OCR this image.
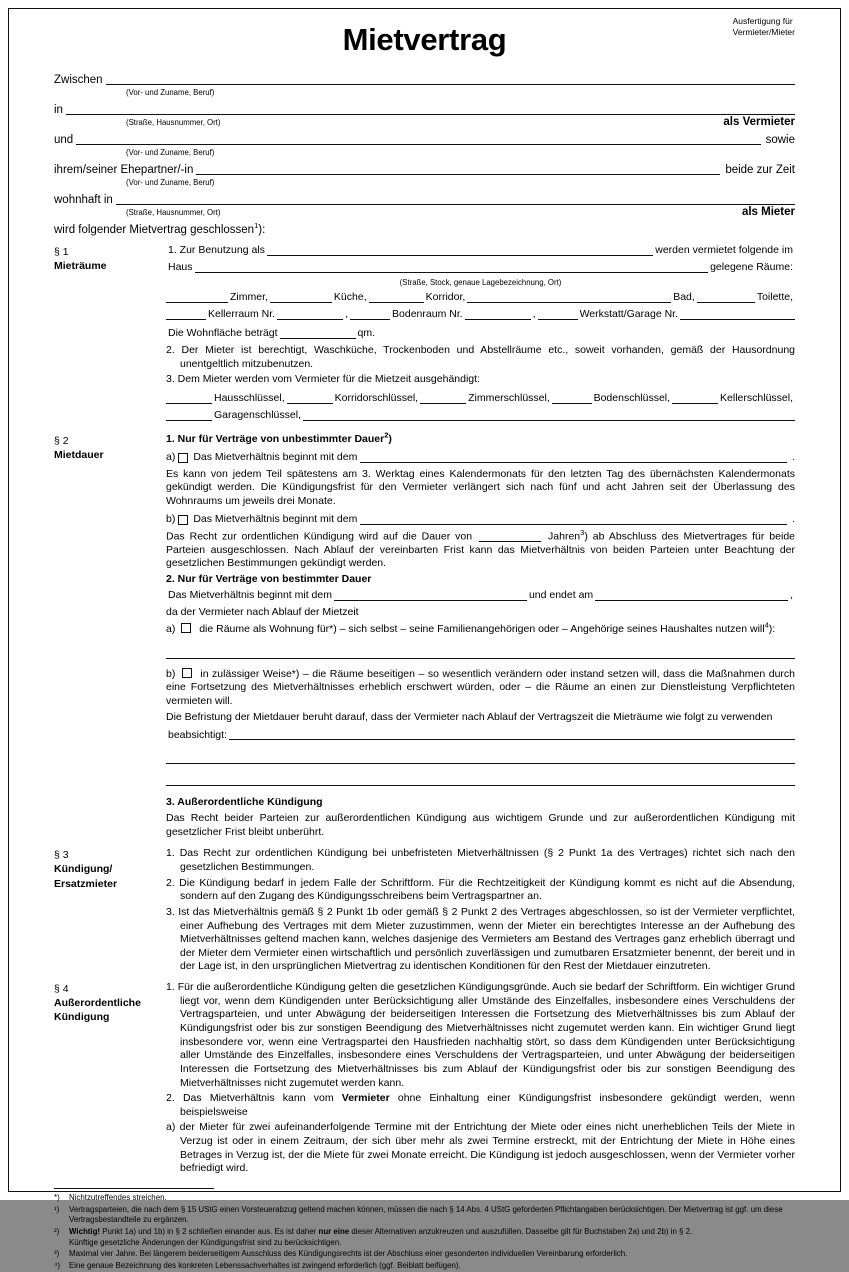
Mietvertrag
Ausfertigung für
Vermieter/Mieter
Zwischen
(Vor- und Zuname, Beruf)
in
(Straße, Hausnummer, Ort)	als Vermieter
und	sowie
(Vor- und Zuname, Beruf)
ihrem/seiner Ehepartner/-in	beide zur Zeit
(Vor- und Zuname, Beruf)
wohnhaft in
(Straße, Hausnummer, Ort)	als Mieter
wird folgender Mietvertrag geschlossen$^1$):
§ 1
Mieträume
1. Zur Benutzung als	werden vermietet folgende im
Haus	gelegene Räume:
(Straße, Stock, genaue Lagebezeichnung, Ort)
Zimmer,	Küche,	Korridor,	Bad,	Toilette,
Kellerraum Nr.	,	Bodenraum Nr.	,	Werkstatt/Garage Nr.
Die Wohnfläche beträgt	qm.

2. Der Mieter ist berechtigt, Waschküche, Trockenboden und Abstellräume etc., soweit vorhanden, gemäß der Hausordnung unentgeltlich mitzubenutzen.

3. Dem Mieter werden vom Vermieter für die Mietzeit ausgehändigt:

Hausschlüssel,	Korridorschlüssel,	Zimmerschlüssel,	Bodenschlüssel,	Kellerschlüssel,
Garagenschlüssel,
§ 2
Mietdauer

1. Nur für Verträge von unbestimmter Dauer$^2$)

a) Das Mietverhältnis beginnt mit dem	.

Es kann von jedem Teil spätestens am 3. Werktag eines Kalendermonats für den letzten Tag des übernächsten Kalendermonats gekündigt werden. Die Kündigungsfrist für den Vermieter verlängert sich nach fünf und acht Jahren seit der Überlassung des Wohnraums um jeweils drei Monate.

b) Das Mietverhältnis beginnt mit dem	.

Das Recht zur ordentlichen Kündigung wird auf die Dauer von	Jahren$^3$) ab Abschluss des Mietvertrages für beide Parteien ausgeschlossen. Nach Ablauf der vereinbarten Frist kann das Mietverhältnis von beiden Parteien unter Beachtung der gesetzlichen Bestimmungen gekündigt werden.

2. Nur für Verträge von bestimmter Dauer

Das Mietverhältnis beginnt mit dem	und endet am	,

da der Vermieter nach Ablauf der Mietzeit

a) die Räume als Wohnung für*) – sich selbst – seine Familienangehörigen oder – Angehörige seines Haushaltes nutzen will$^4$):

b) in zulässiger Weise*) – die Räume beseitigen – so wesentlich verändern oder instand setzen will, dass die Maßnahmen durch eine Fortsetzung des Mietverhältnisses erheblich erschwert würden, oder – die Räume an einen zur Dienstleistung Verpflichteten vermieten will.

Die Befristung der Mietdauer beruht darauf, dass der Vermieter nach Ablauf der Vertragszeit die Mieträume wie folgt zu verwenden

beabsichtigt:

3. Außerordentliche Kündigung

Das Recht beider Parteien zur außerordentlichen Kündigung aus wichtigem Grunde und zur außerordentlichen Kündigung mit gesetzlicher Frist bleibt unberührt.

§ 3
Kündigung/
Ersatzmieter

1. Das Recht zur ordentlichen Kündigung bei unbefristeten Mietverhältnissen (§ 2 Punkt 1a des Vertrages) richtet sich nach den gesetzlichen Bestimmungen.

2. Die Kündigung bedarf in jedem Falle der Schriftform. Für die Rechtzeitigkeit der Kündigung kommt es nicht auf die Absendung, sondern auf den Zugang des Kündigungsschreibens beim Vertragspartner an.

3. Ist das Mietverhältnis gemäß § 2 Punkt 1b oder gemäß § 2 Punkt 2 des Vertrages abgeschlossen, so ist der Vermieter verpflichtet, einer Aufhebung des Vertrages mit dem Mieter zuzustimmen, wenn der Mieter ein berechtigtes Interesse an der Aufhebung des Mietverhältnisses geltend machen kann, welches dasjenige des Vermieters am Bestand des Vertrages ganz erheblich überragt und der Mieter dem Vermieter einen wirtschaftlich und persönlich zuverlässigen und zumutbaren Ersatzmieter benennt, der bereit und in der Lage ist, in den ursprünglichen Mietvertrag zu identischen Konditionen für den Rest der Mietdauer einzutreten.

§ 4
Außerordentliche
Kündigung

1. Für die außerordentliche Kündigung gelten die gesetzlichen Kündigungsgründe. Auch sie bedarf der Schriftform. Ein wichtiger Grund liegt vor, wenn dem Kündigenden unter Berücksichtigung aller Umstände des Einzelfalles, insbesondere eines Verschuldens der Vertragsparteien, und unter Abwägung der beiderseitigen Interessen die Fortsetzung des Mietverhältnisses bis zum Ablauf der Kündigungsfrist oder bis zur sonstigen Beendigung des Mietverhältnisses nicht zugemutet werden kann. Ein wichtiger Grund liegt insbesondere vor, wenn eine Vertragspartei den Hausfrieden nachhaltig stört, so dass dem Kündigenden unter Berücksichtigung aller Umstände des Einzelfalles, insbesondere eines Verschuldens der Vertragsparteien, und unter Abwägung der beiderseitigen Interessen die Fortsetzung des Mietverhältnisses bis zum Ablauf der Kündigungsfrist oder bis zur sonstigen Beendigung des Mietverhältnisses nicht zugemutet werden kann.

2. Das Mietverhältnis kann vom Vermieter ohne Einhaltung einer Kündigungsfrist insbesondere gekündigt werden, wenn beispielsweise

a) der Mieter für zwei aufeinanderfolgende Termine mit der Entrichtung der Miete oder eines nicht unerheblichen Teils der Miete in Verzug ist oder in einem Zeitraum, der sich über mehr als zwei Termine erstreckt, mit der Entrichtung der Miete in Höhe eines Betrages in Verzug ist, der die Miete für zwei Monate erreicht. Die Kündigung ist jedoch ausgeschlossen, wenn der Vermieter vorher befriedigt wird.

*)	Nichtzutreffendes streichen.
¹)	Vertragsparteien, die nach dem § 15 UStG einen Vorsteuerabzug geltend machen können, müssen die nach § 14 Abs. 4 UStG geforderten Pflichtangaben berücksichtigen. Der Mietvertrag ist ggf. um diese Vertragsbestandteile zu ergänzen.
²)	Wichtig! Punkt 1a) und 1b) in § 2 schließen einander aus. Es ist daher nur eine dieser Alternativen anzukreuzen und auszufüllen. Dasselbe gilt für Buchstaben 2a) und 2b) in § 2.
Künftige gesetzliche Änderungen der Kündigungsfrist sind zu berücksichtigen.
³)	Maximal vier Jahre. Bei längerem beiderseitigem Ausschluss des Kündigungsrechts ist der Abschluss einer gesonderten individuellen Vereinbarung erforderlich.
⁴)	Eine genaue Bezeichnung des konkreten Lebenssachverhaltes ist zwingend erforderlich (ggf. Beiblatt beifügen).
